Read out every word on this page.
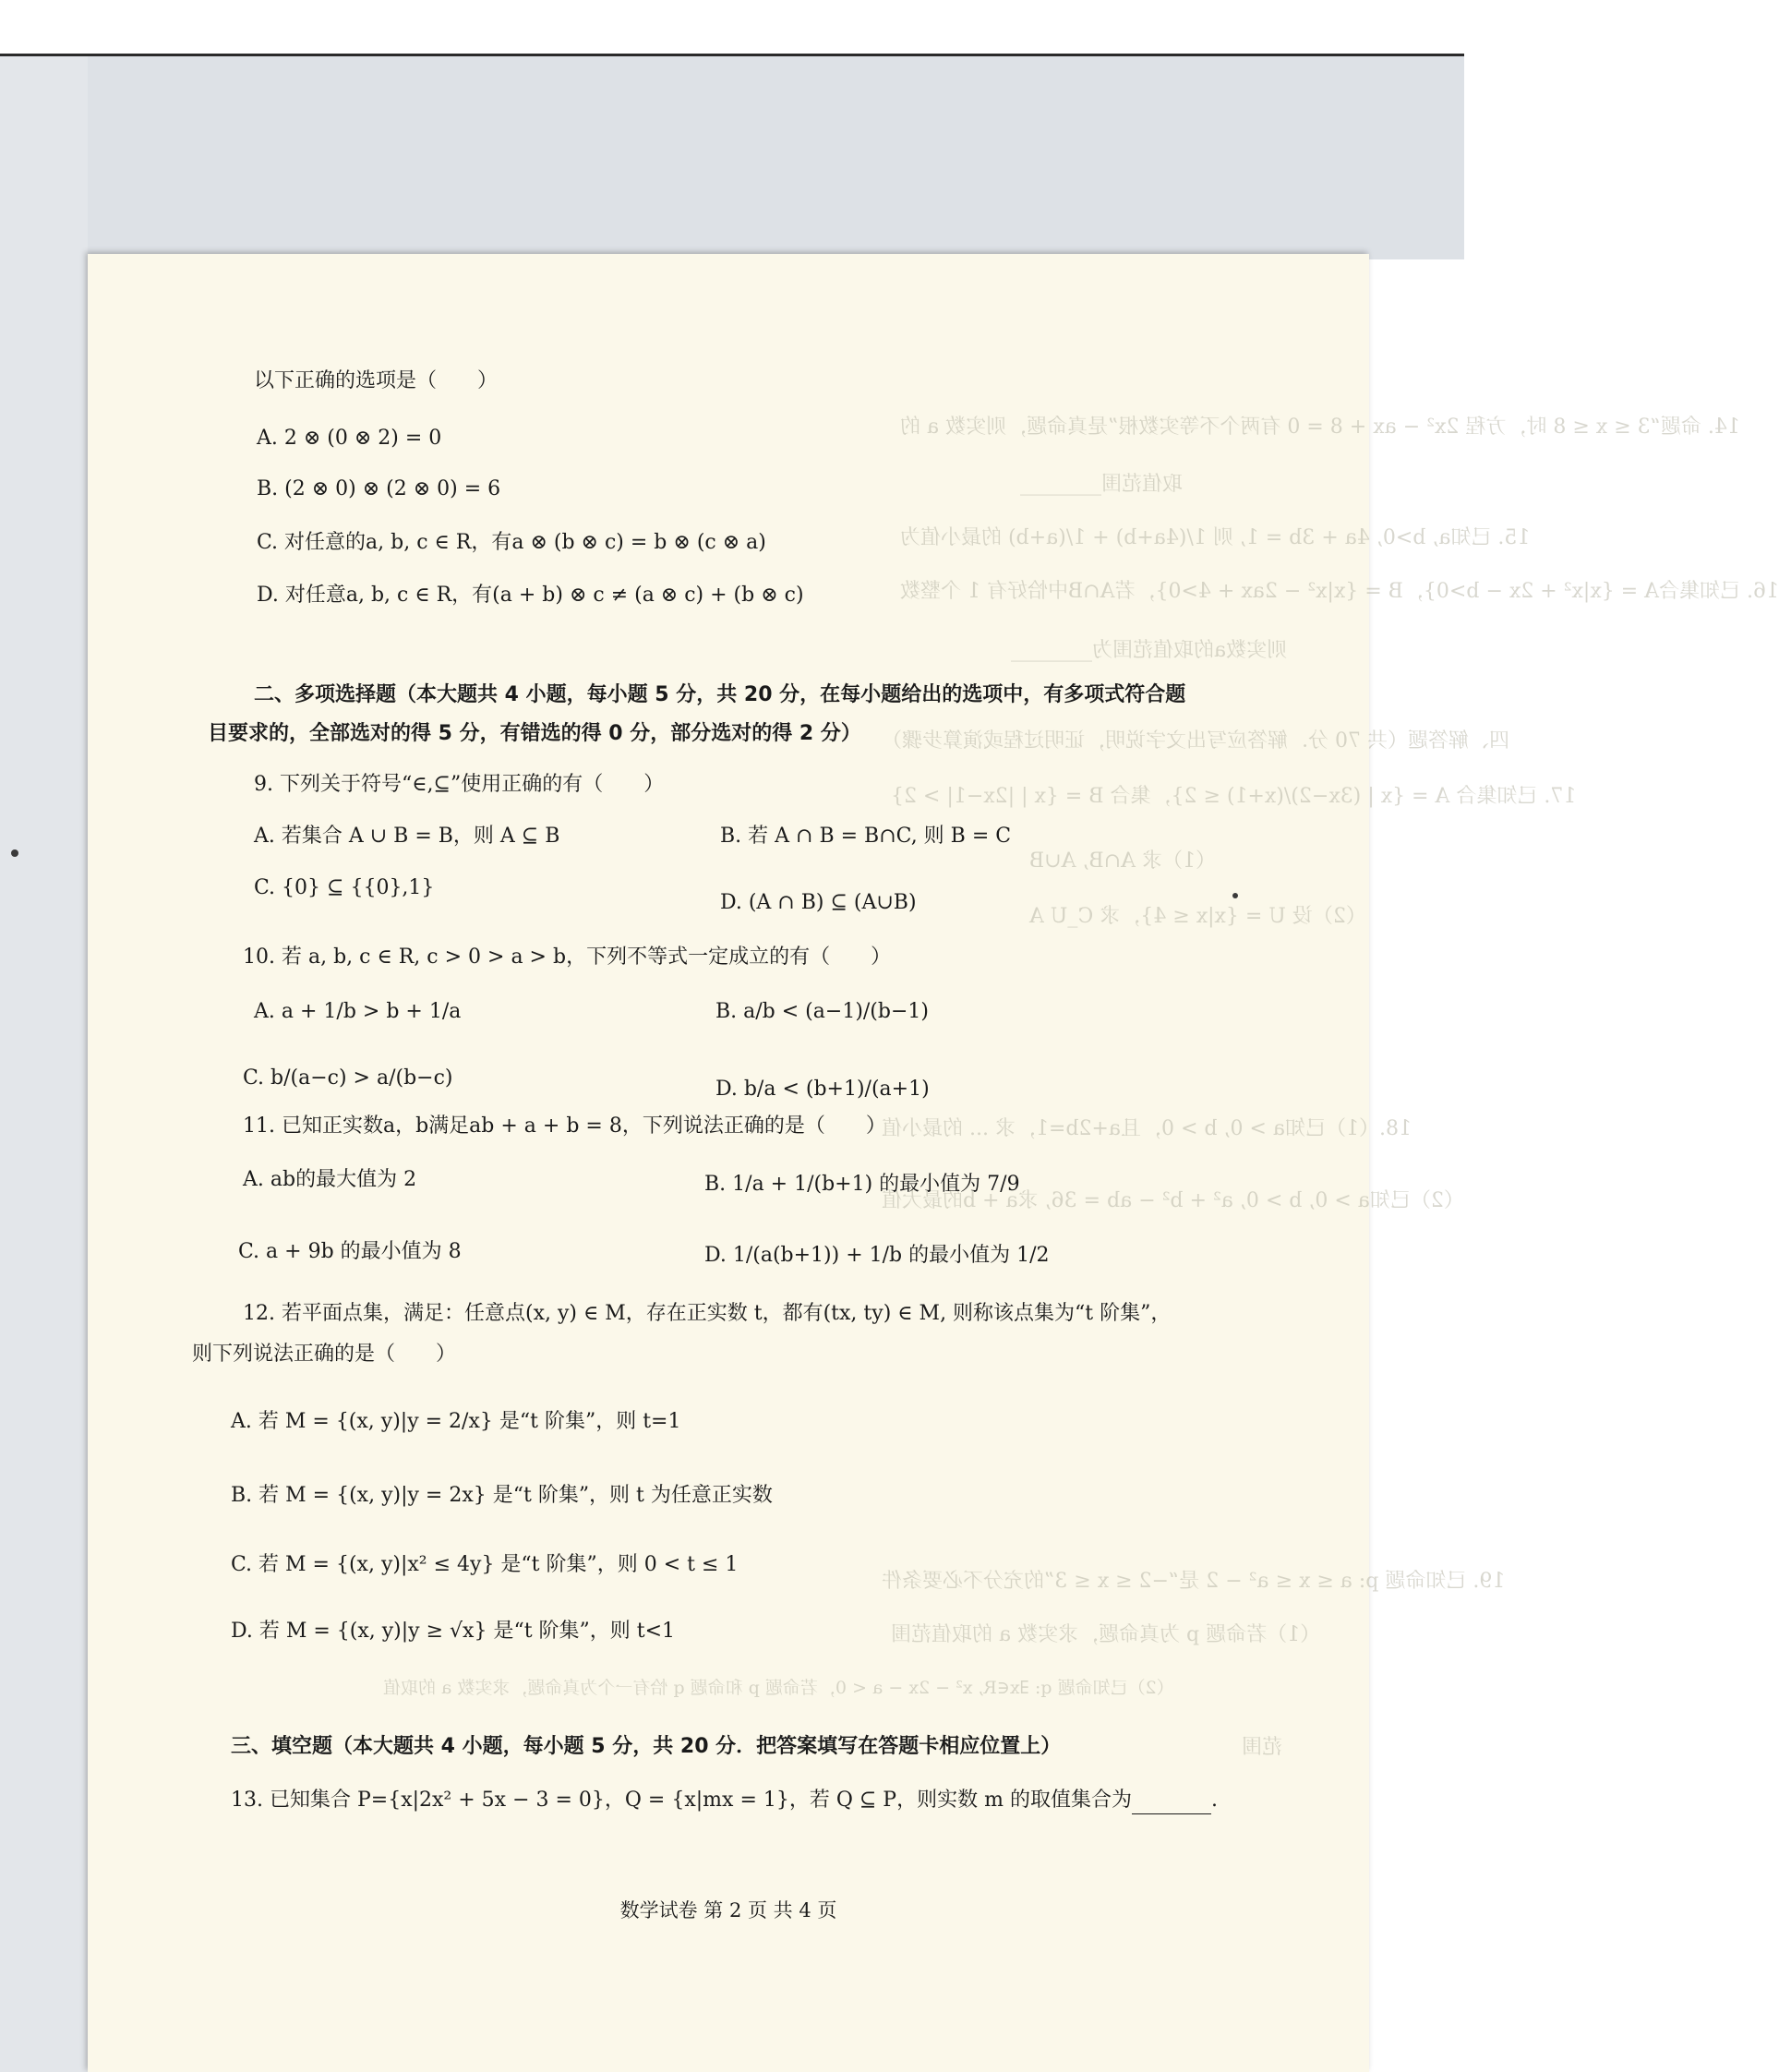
14. 命题“3 ≤ x ≤ 8 时，方程 2x² − ax + 8 = 0 有两个不等实数根”是真命题，则实数 a 的
取值范围________
15. 已知a, b>0, 4a + 3b = 1, 则 1/(4a+b) + 1/(a+b) 的最小值为
16. 已知集合A = {x|x² + 2x − b>0}，B = {x|x² − 2ax + 4>0}，若A∩B中恰好有 1 个整数
则实数a的取值范围为________
四、解答题（共 70 分．解答应写出文字说明，证明过程或演算步骤）
17. 已知集合 A = {x | (3x−2)/(x+1) ≤ 2}，集合 B = {x | |2x−1| > 2}
（1）求 A∩B, A∪B
（2）设 U = {x|x ≤ 4}，求 C_U A
18.（1）已知a > 0, b > 0，且a+2b=1，求 ... 的最小值
（2）已知a > 0, b > 0, a² + b² − ab = 36, 求a + b的最大值
19. 已知命题 p: a ≤ x ≤ a² − 2 是“−2 ≤ x ≤ 3”的充分不必要条件
（1）若命题 p 为真命题，求实数 a 的取值范围
（2）已知命题 q: ∃x∈R, x² − 2x − a < 0，若命题 p 和命题 q 恰有一个为真命题，求实数 a 的取值
范围
以下正确的选项是（　　）
A. 2 ⊗ (0 ⊗ 2) = 0
B. (2 ⊗ 0) ⊗ (2 ⊗ 0) = 6
C. 对任意的a, b, c ∈ R，有a ⊗ (b ⊗ c) = b ⊗ (c ⊗ a)
D. 对任意a, b, c ∈ R，有(a + b) ⊗ c ≠ (a ⊗ c) + (b ⊗ c)
二、多项选择题（本大题共 4 小题，每小题 5 分，共 20 分，在每小题给出的选项中，有多项式符合题
目要求的，全部选对的得 5 分，有错选的得 0 分，部分选对的得 2 分）
9. 下列关于符号“∈,⊆”使用正确的有（　　）
A. 若集合 A ∪ B = B，则 A ⊆ B	B. 若 A ∩ B = B∩C, 则 B = C
C. {0} ⊆ {{0},1}
D. (A ∩ B) ⊆ (A∪B)
10. 若 a, b, c ∈ R, c > 0 > a > b，下列不等式一定成立的有（　　）
A. a + 1/b > b + 1/a	B. a/b < (a−1)/(b−1)
C. b/(a−c) > a/(b−c)	D. b/a < (b+1)/(a+1)
11. 已知正实数a，b满足ab + a + b = 8，下列说法正确的是（　　）
A. ab的最大值为 2	B. 1/a + 1/(b+1) 的最小值为 7/9
C. a + 9b 的最小值为 8	D. 1/(a(b+1)) + 1/b 的最小值为 1/2
12. 若平面点集，满足：任意点(x, y) ∈ M，存在正实数 t，都有(tx, ty) ∈ M, 则称该点集为“t 阶集”，
则下列说法正确的是（　　）
A. 若 M = {(x, y)|y = 2/x} 是“t 阶集”，则 t=1
B. 若 M = {(x, y)|y = 2x} 是“t 阶集”，则 t 为任意正实数
C. 若 M = {(x, y)|x² ≤ 4y} 是“t 阶集”，则 0 < t ≤ 1
D. 若 M = {(x, y)|y ≥ √x} 是“t 阶集”，则 t<1
三、填空题（本大题共 4 小题，每小题 5 分，共 20 分．把答案填写在答题卡相应位置上）
13. 已知集合 P={x|2x² + 5x − 3 = 0}，Q = {x|mx = 1}，若 Q ⊆ P，则实数 m 的取值集合为	.
数学试卷 第 2 页 共 4 页
